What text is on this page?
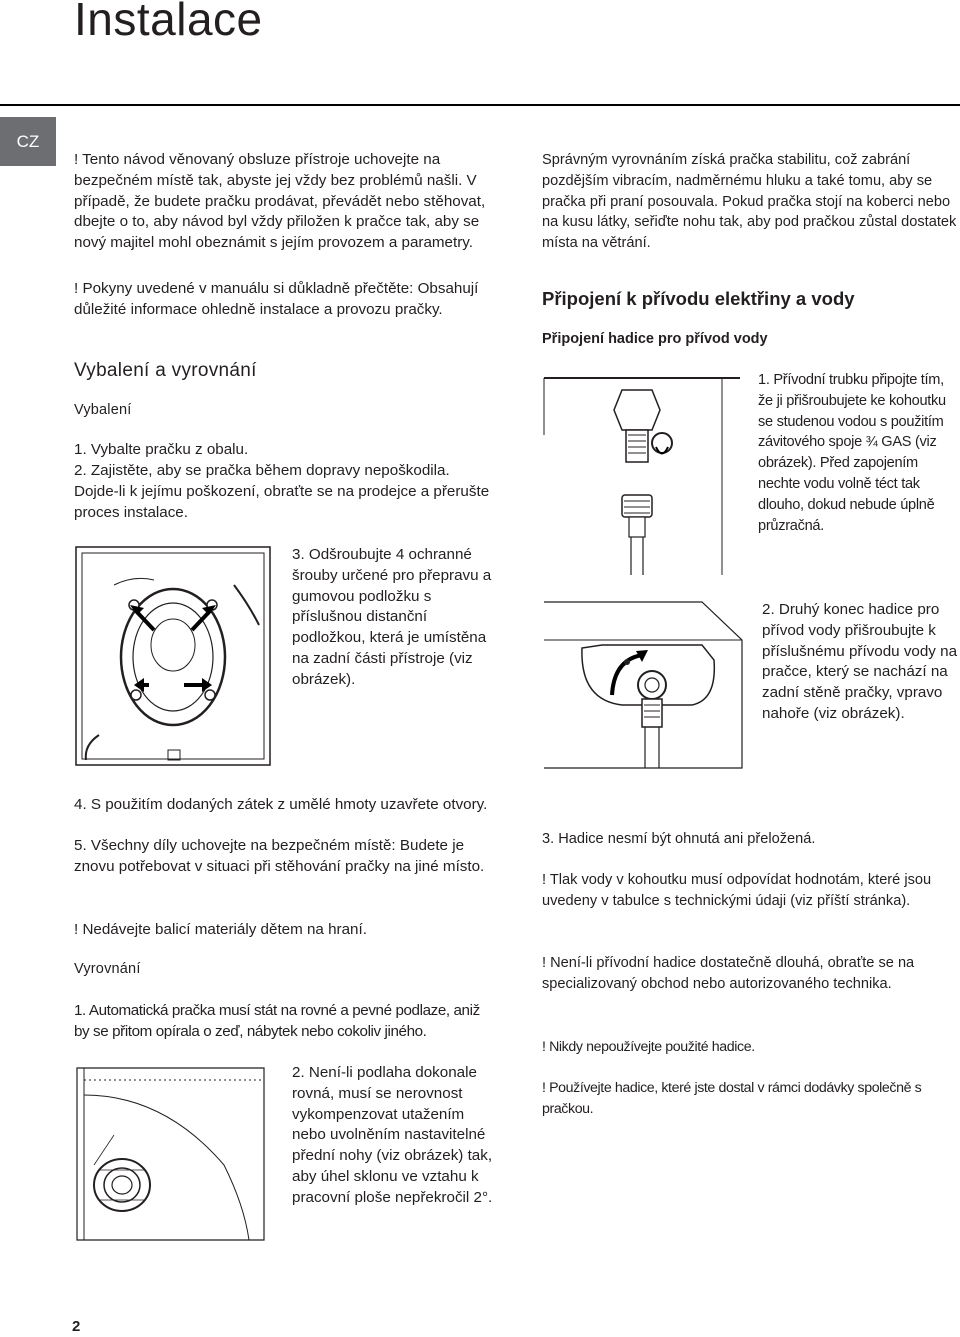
Instalace
CZ
! Tento návod věnovaný obsluze přístroje uchovejte na bezpečném místě tak, abyste jej vždy bez problémů našli. V případě, že budete pračku prodávat, převádět nebo stěhovat, dbejte o to, aby návod byl vždy přiložen k pračce tak, aby se nový majitel mohl obeznámit s jejím provozem a parametry.
! Pokyny uvedené v manuálu si důkladně přečtěte: Obsahují důležité informace ohledně instalace a provozu pračky.
Vybalení a vyrovnání
Vybalení
1. Vybalte pračku z obalu.
2. Zajistěte, aby se pračka během dopravy nepoškodila. Dojde-li k jejímu poškození, obraťte se na prodejce a přerušte proces instalace.
3. Odšroubujte 4 ochranné šrouby určené pro přepravu a gumovou podložku s příslušnou distanční podložkou, která je umístěna na zadní části přístroje (viz obrázek).
4. S použitím dodaných zátek z umělé hmoty uzavřete otvory.
5. Všechny díly uchovejte na bezpečném místě: Budete je znovu potřebovat v situaci při stěhování pračky na jiné místo.
! Nedávejte balicí materiály dětem na hraní.
Vyrovnání
1. Automatická pračka musí stát na rovné a pevné podlaze, aniž by se přitom opírala o zeď, nábytek nebo cokoliv jiného.
2. Není-li podlaha dokonale rovná, musí se nerovnost vykompenzovat utažením nebo uvolněním nastavitelné přední nohy (viz obrázek) tak, aby úhel sklonu ve vztahu k pracovní ploše nepřekročil 2°.
Správným vyrovnáním získá pračka stabilitu, což zabrání pozdějším vibracím, nadměrnému hluku a také tomu, aby se pračka při praní posouvala. Pokud pračka stojí na koberci nebo na kusu látky, seřiďte nohu tak, aby pod pračkou zůstal dostatek místa na větrání.
Připojení k přívodu elektřiny a vody
Připojení hadice pro přívod vody
1. Přívodní trubku připojte tím, že ji přišroubujete ke kohoutku se studenou vodou s použitím závitového spoje ¾ GAS (viz obrázek). Před zapojením nechte vodu volně téct tak dlouho, dokud nebude úplně průzračná.
2. Druhý konec hadice pro přívod vody přišroubujte k příslušnému přívodu vody na pračce, který se nachází na zadní stěně pračky, vpravo nahoře (viz obrázek).
3. Hadice nesmí být ohnutá ani přeložená.
! Tlak vody v kohoutku musí odpovídat hodnotám, které jsou uvedeny v tabulce s technickými údaji (viz příští stránka).
! Není-li přívodní hadice dostatečně dlouhá, obraťte se na specializovaný obchod nebo autorizovaného technika.
! Nikdy nepoužívejte použité hadice.
! Používejte hadice, které jste dostal v rámci dodávky společně s pračkou.
2
